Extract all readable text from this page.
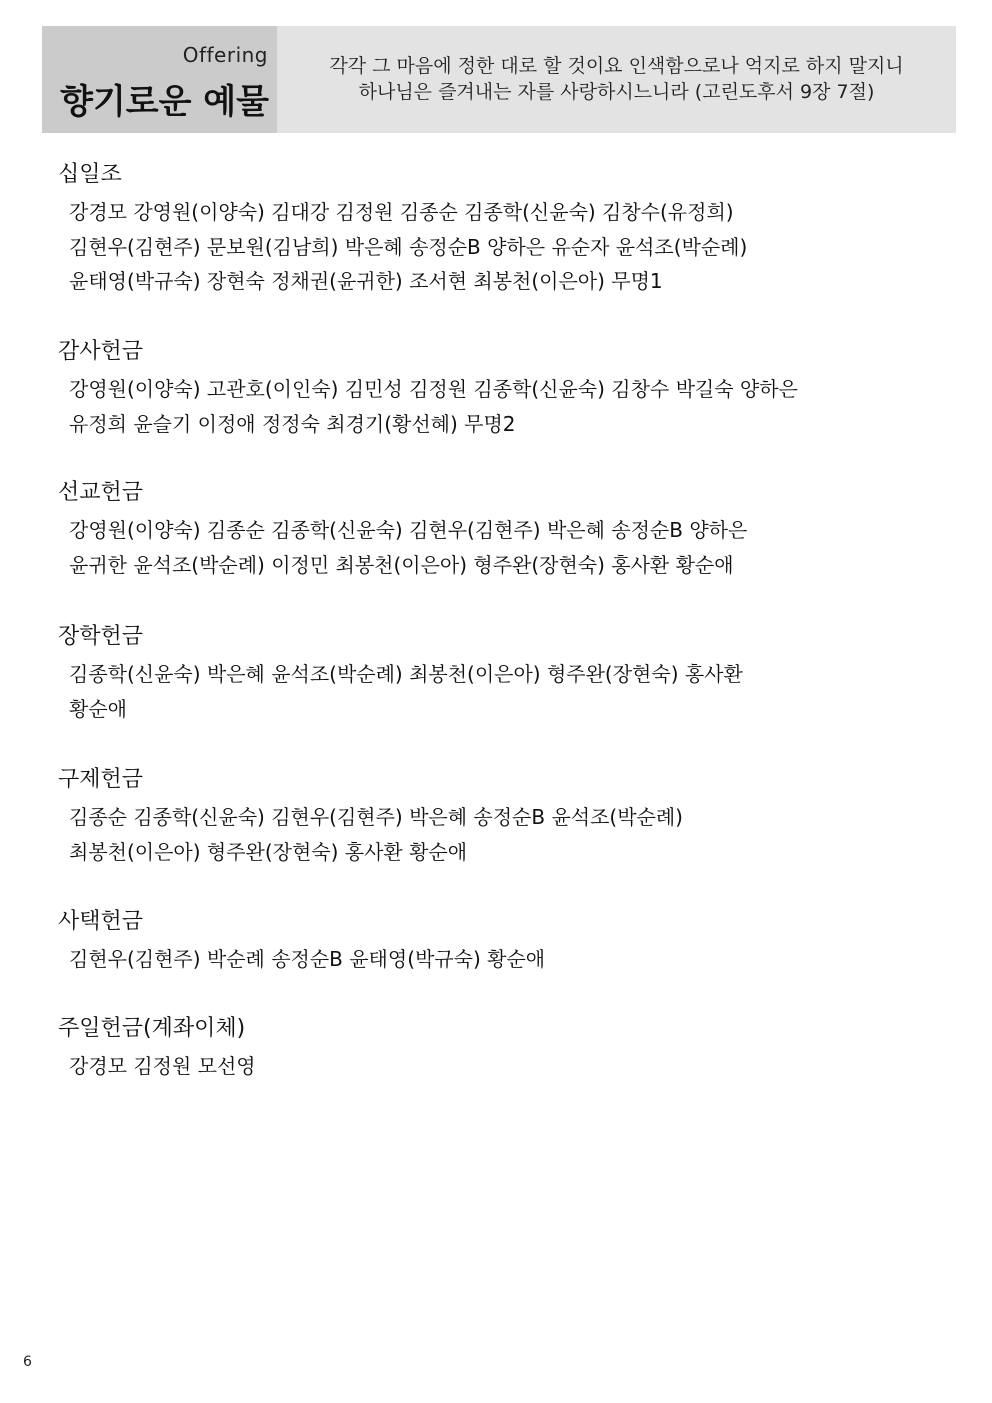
Offering
향기로운 예물
각각 그 마음에 정한 대로 할 것이요 인색함으로나 억지로 하지 말지니
하나님은 즐겨내는 자를 사랑하시느니라 (고린도후서 9장 7절)
십일조
강경모 강영원(이양숙) 김대강 김정원 김종순 김종학(신윤숙) 김창수(유정희)
김현우(김현주) 문보원(김남희) 박은혜 송정순B 양하은 유순자 윤석조(박순례)
윤태영(박규숙) 장현숙 정채권(윤귀한) 조서현 최봉천(이은아) 무명1
감사헌금
강영원(이양숙) 고관호(이인숙) 김민성 김정원 김종학(신윤숙) 김창수 박길숙 양하은
유정희 윤슬기 이정애 정정숙 최경기(황선혜) 무명2
선교헌금
강영원(이양숙) 김종순 김종학(신윤숙) 김현우(김현주) 박은혜 송정순B 양하은
윤귀한 윤석조(박순례) 이정민 최봉천(이은아) 형주완(장현숙) 홍사환 황순애
장학헌금
김종학(신윤숙) 박은혜 윤석조(박순례) 최봉천(이은아) 형주완(장현숙) 홍사환
황순애
구제헌금
김종순 김종학(신윤숙) 김현우(김현주) 박은혜 송정순B 윤석조(박순례)
최봉천(이은아) 형주완(장현숙) 홍사환 황순애
사택헌금
김현우(김현주) 박순례 송정순B 윤태영(박규숙) 황순애
주일헌금(계좌이체)
강경모 김정원 모선영
6
